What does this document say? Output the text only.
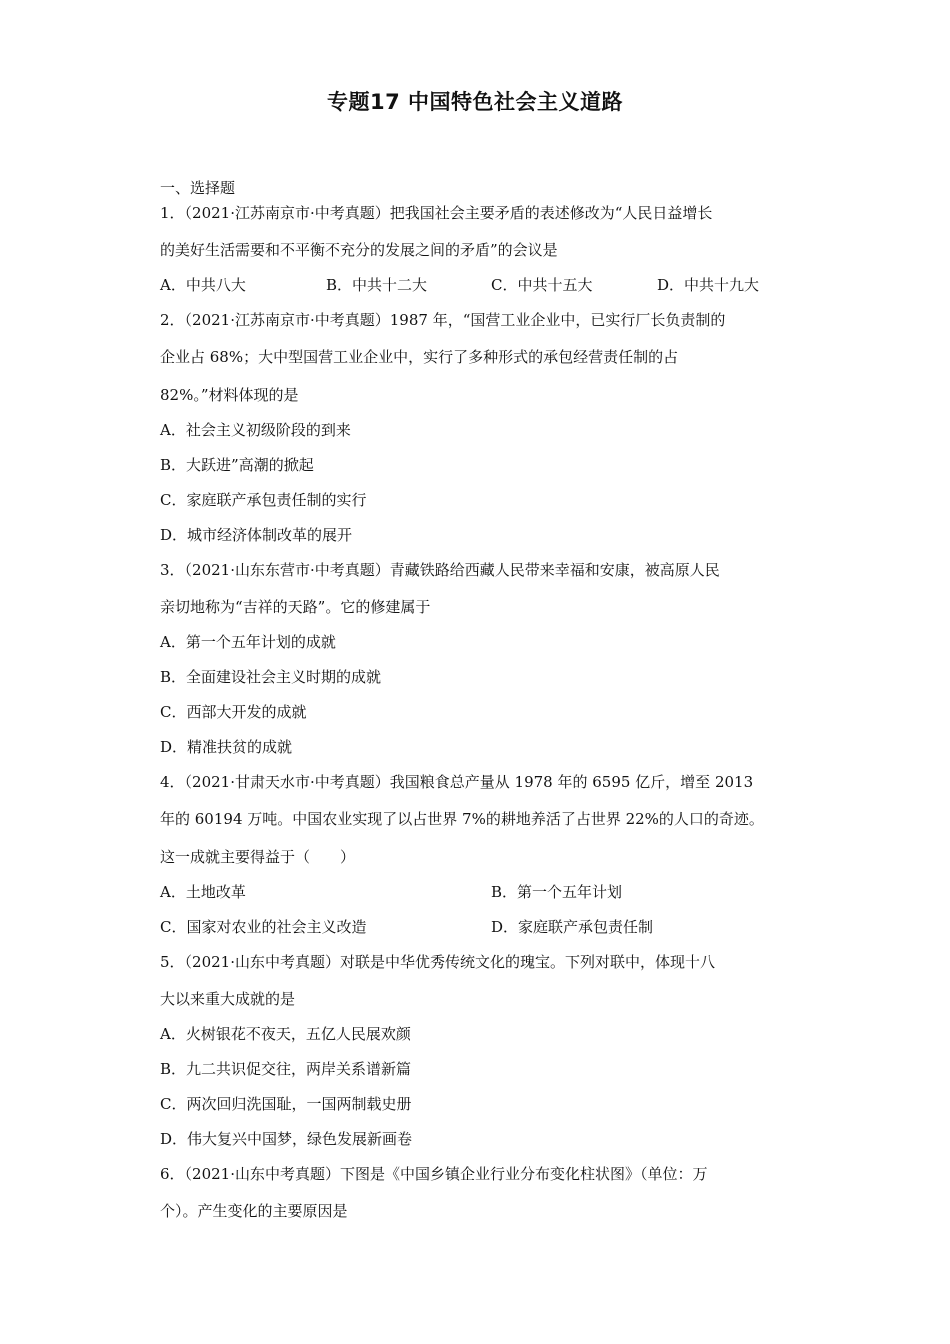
专题17 中国特色社会主义道路
一、选择题
1．（2021·江苏南京市·中考真题）把我国社会主要矛盾的表述修改为“人民日益增长
的美好生活需要和不平衡不充分的发展之间的矛盾”的会议是
A．中共八大	B．中共十二大	C．中共十五大	D．中共十九大
2．（2021·江苏南京市·中考真题）1987 年，“国营工业企业中，已实行厂长负责制的
企业占 68%；大中型国营工业企业中，实行了多种形式的承包经营责任制的占
82%。”材料体现的是
A．社会主义初级阶段的到来
B．大跃进”高潮的掀起
C．家庭联产承包责任制的实行
D．城市经济体制改革的展开
3．（2021·山东东营市·中考真题）青藏铁路给西藏人民带来幸福和安康，被高原人民
亲切地称为“吉祥的天路”。它的修建属于
A．第一个五年计划的成就
B．全面建设社会主义时期的成就
C．西部大开发的成就
D．精准扶贫的成就
4．（2021·甘肃天水市·中考真题）我国粮食总产量从 1978 年的 6595 亿斤，增至 2013
年的 60194 万吨。中国农业实现了以占世界 7%的耕地养活了占世界 22%的人口的奇迹。
这一成就主要得益于（　　）
A．土地改革	B．第一个五年计划
C．国家对农业的社会主义改造	D．家庭联产承包责任制
5．（2021·山东中考真题）对联是中华优秀传统文化的瑰宝。下列对联中，体现十八
大以来重大成就的是
A．火树银花不夜天，五亿人民展欢颜
B．九二共识促交往，两岸关系谱新篇
C．两次回归洗国耻，一国两制载史册
D．伟大复兴中国梦，绿色发展新画卷
6．（2021·山东中考真题）下图是《中国乡镇企业行业分布变化柱状图》（单位：万
个）。产生变化的主要原因是
